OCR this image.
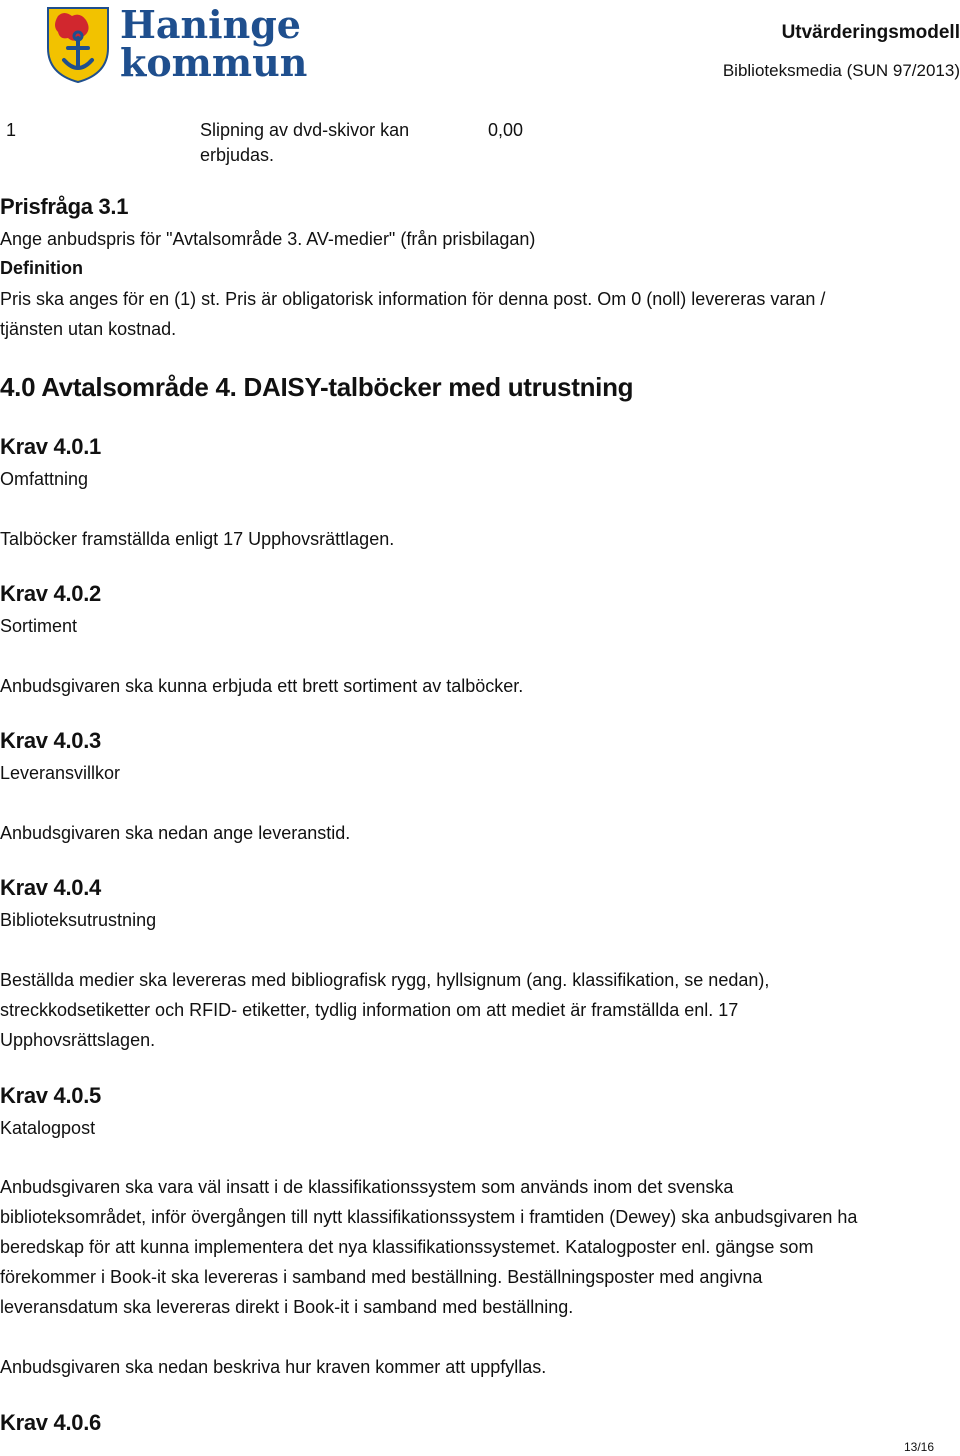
Haninge
kommun
Utvärderingsmodell
Biblioteksmedia (SUN 97/2013)
1	Slipning av dvd-skivor kan erbjudas.
0,00
Prisfråga 3.1
Ange anbudspris för "Avtalsområde 3. AV-medier" (från prisbilagan)
Definition
Pris ska anges för en (1) st. Pris är obligatorisk information för denna post. Om 0 (noll) levereras varan /
tjänsten utan kostnad.
4.0 Avtalsområde 4. DAISY-talböcker med utrustning
Krav 4.0.1
Omfattning
Talböcker framställda enligt 17 Upphovsrättlagen.
Krav 4.0.2
Sortiment
Anbudsgivaren ska kunna erbjuda ett brett sortiment av talböcker.
Krav 4.0.3
Leveransvillkor
Anbudsgivaren ska nedan ange leveranstid.
Krav 4.0.4
Biblioteksutrustning
Beställda medier ska levereras med bibliografisk rygg, hyllsignum (ang. klassifikation, se nedan),
streckkodsetiketter och RFID- etiketter, tydlig information om att mediet är framställda enl. 17
Upphovsrättslagen.
Krav 4.0.5
Katalogpost
Anbudsgivaren ska vara väl insatt i de klassifikationssystem som används inom det svenska
biblioteksområdet, inför övergången till nytt klassifikationssystem i framtiden (Dewey) ska anbudsgivaren ha
beredskap för att kunna implementera det nya klassifikationssystemet. Katalogposter enl. gängse som
förekommer i Book-it ska levereras i samband med beställning. Beställningsposter med angivna
leveransdatum ska levereras direkt i Book-it i samband med beställning.
Anbudsgivaren ska nedan beskriva hur kraven kommer att uppfyllas.
Krav 4.0.6
13/16
